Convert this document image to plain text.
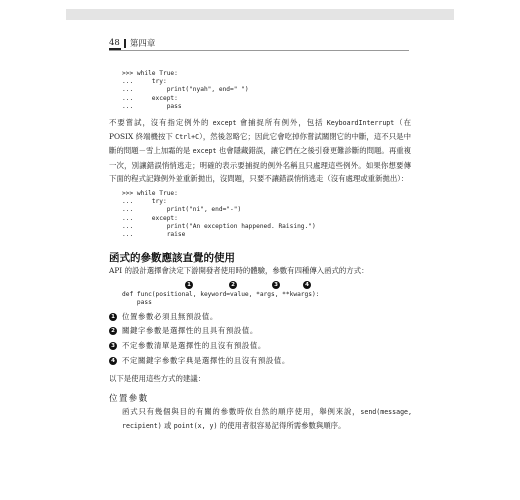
48 第四章
>>> while True:
...     try:
...         print("nyah", end=" ")
...     except:
...         pass
不要嘗試，沒有指定例外的 except 會捕捉所有例外，包括 KeyboardInterrupt（在 POSIX 終端機按下 Ctrl+C），然後忽略它；因此它會吃掉你嘗試關閉它的中斷，這不只是中斷的問題－雪上加霜的是 except 也會隱藏錯誤，讓它們在之後引發更難診斷的問題。再重複一次，別讓錯誤悄悄逃走；明確的表示要捕捉的例外名稱且只處理這些例外。如果你想要傳下面的程式記錄例外並重新拋出，沒問題，只要不讓錯誤悄悄逃走（沒有處理或重新拋出）：
>>> while True:
...     try:
...         print("ni", end="-")
...     except:
...         print("An exception happened. Raising.")
...         raise
函式的參數應該直覺的使用
API 的設計選擇會決定下游開發者使用時的體驗，參數有四種傳入函式的方式：
1	2	3	4
def func(positional, keyword=value, *args, **kwargs):
pass
1 位置參數必須且無預設值。
2 關鍵字參數是選擇性的且具有預設值。
3 不定參數清單是選擇性的且沒有預設值。
4 不定關鍵字參數字典是選擇性的且沒有預設值。
以下是使用這些方式的建議：
位置參數
函式只有幾個與目的有關的參數時依自然的順序使用，舉例來說，send(message, recipient) 或 point(x, y) 的使用者很容易記得所需參數與順序。
